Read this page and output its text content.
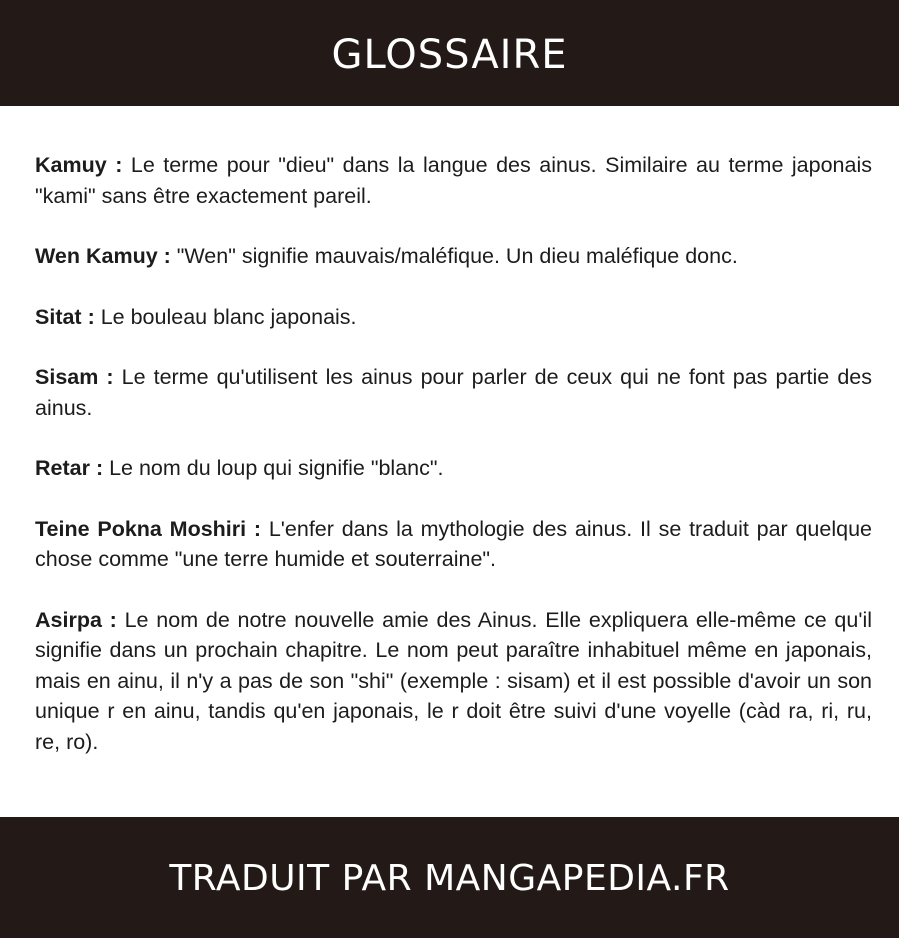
GLOSSAIRE

Kamuy : Le terme pour "dieu" dans la langue des ainus. Similaire au terme japonais "kami" sans être exactement pareil.

Wen Kamuy : "Wen" signifie mauvais/maléfique. Un dieu maléfique donc.

Sitat : Le bouleau blanc japonais.

Sisam : Le terme qu'utilisent les ainus pour parler de ceux qui ne font pas partie des ainus.

Retar : Le nom du loup qui signifie "blanc".

Teine Pokna Moshiri : L'enfer dans la mythologie des ainus. Il se traduit par quelque chose comme "une terre humide et souterraine".

Asirpa : Le nom de notre nouvelle amie des Ainus. Elle expliquera elle-même ce qu'il signifie dans un prochain chapitre. Le nom peut paraître inhabituel même en japonais, mais en ainu, il n'y a pas de son "shi" (exemple : sisam) et il est possible d'avoir un son unique r en ainu, tandis qu'en japonais, le r doit être suivi d'une voyelle (càd ra, ri, ru, re, ro).

TRADUIT PAR MANGAPEDIA.FR
